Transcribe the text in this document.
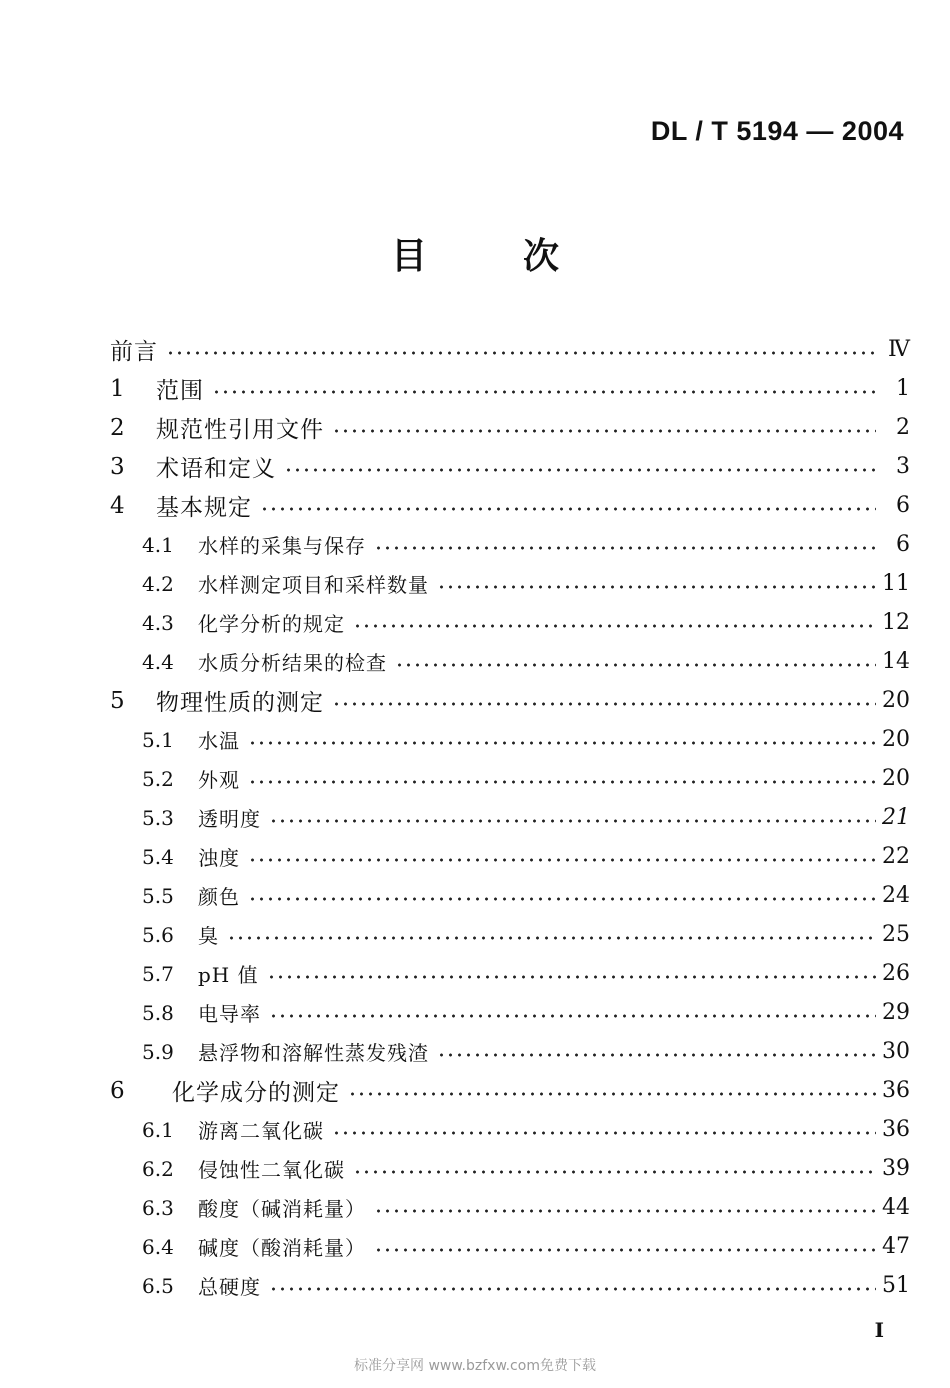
DL / T 5194 — 2004
目	次
前言	Ⅳ
1	范围	1
2	规范性引用文件	2
3	术语和定义	3
4	基本规定	6
4.1	水样的采集与保存	6
4.2	水样测定项目和采样数量	11
4.3	化学分析的规定	12
4.4	水质分析结果的检查	14
5	物理性质的测定	20
5.1	水温	20
5.2	外观	20
5.3	透明度	21
5.4	浊度	22
5.5	颜色	24
5.6	臭	25
5.7	pH 值	26
5.8	电导率	29
5.9	悬浮物和溶解性蒸发残渣	30
6	化学成分的测定	36
6.1	游离二氧化碳	36
6.2	侵蚀性二氧化碳	39
6.3	酸度（碱消耗量）	44
6.4	碱度（酸消耗量）	47
6.5	总硬度	51
I
标准分享网 www.bzfxw.com免费下载
